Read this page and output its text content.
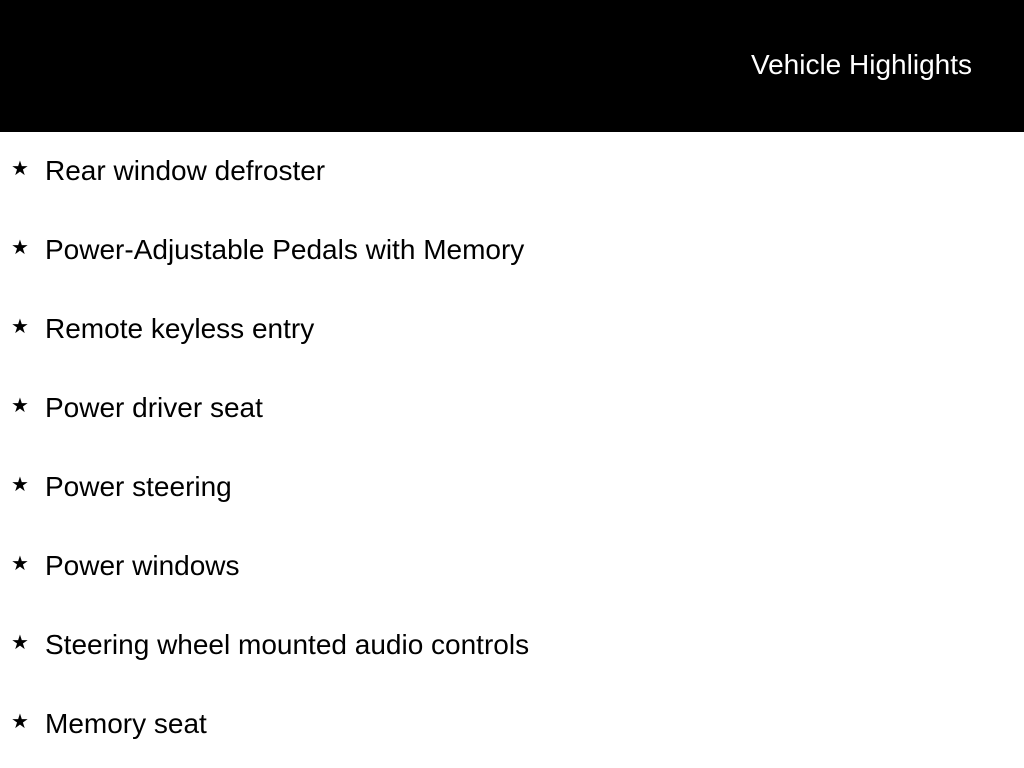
Vehicle Highlights
★ Rear window defroster
★ Power-Adjustable Pedals with Memory
★ Remote keyless entry
★ Power driver seat
★ Power steering
★ Power windows
★ Steering wheel mounted audio controls
★ Memory seat
